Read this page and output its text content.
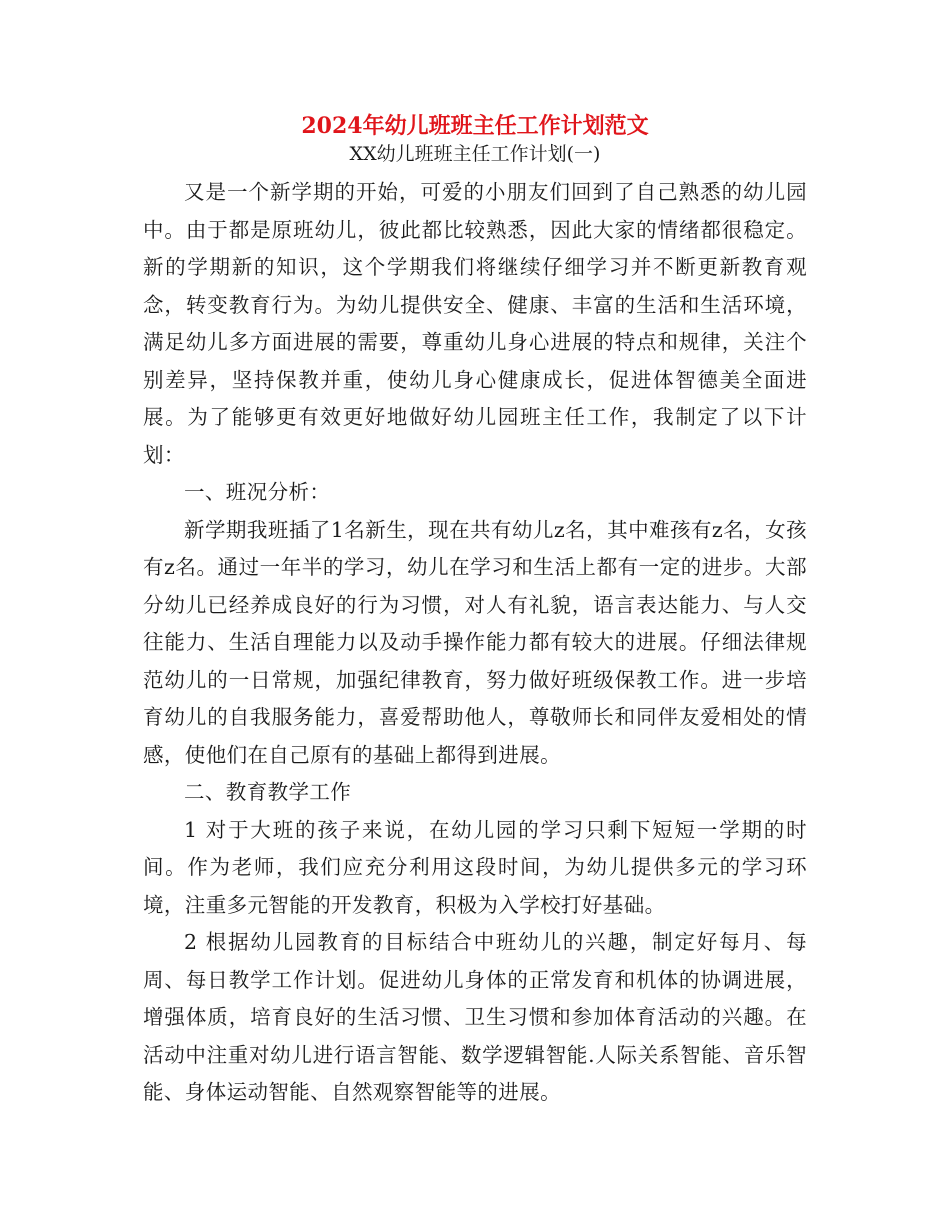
2024年幼儿班班主任工作计划范文
XX幼儿班班主任工作计划(一)

又是一个新学期的开始，可爱的小朋友们回到了自己熟悉的幼儿园中。由于都是原班幼儿，彼此都比较熟悉，因此大家的情绪都很稳定。新的学期新的知识，这个学期我们将继续仔细学习并不断更新教育观念，转变教育行为。为幼儿提供安全、健康、丰富的生活和生活环境，满足幼儿多方面进展的需要，尊重幼儿身心进展的特点和规律，关注个别差异，坚持保教并重，使幼儿身心健康成长，促进体智德美全面进展。为了能够更有效更好地做好幼儿园班主任工作，我制定了以下计划：

一、班况分析：

新学期我班插了1名新生，现在共有幼儿z名，其中难孩有z名，女孩有z名。通过一年半的学习，幼儿在学习和生活上都有一定的进步。大部分幼儿已经养成良好的行为习惯，对人有礼貌，语言表达能力、与人交往能力、生活自理能力以及动手操作能力都有较大的进展。仔细法律规范幼儿的一日常规，加强纪律教育，努力做好班级保教工作。进一步培育幼儿的自我服务能力，喜爱帮助他人，尊敬师长和同伴友爱相处的情感，使他们在自己原有的基础上都得到进展。

二、教育教学工作

1 对于大班的孩子来说，在幼儿园的学习只剩下短短一学期的时间。作为老师，我们应充分利用这段时间，为幼儿提供多元的学习环境，注重多元智能的开发教育，积极为入学校打好基础。

2 根据幼儿园教育的目标结合中班幼儿的兴趣，制定好每月、每周、每日教学工作计划。促进幼儿身体的正常发育和机体的协调进展，增强体质，培育良好的生活习惯、卫生习惯和参加体育活动的兴趣。在活动中注重对幼儿进行语言智能、数学逻辑智能.人际关系智能、音乐智能、身体运动智能、自然观察智能等的进展。
